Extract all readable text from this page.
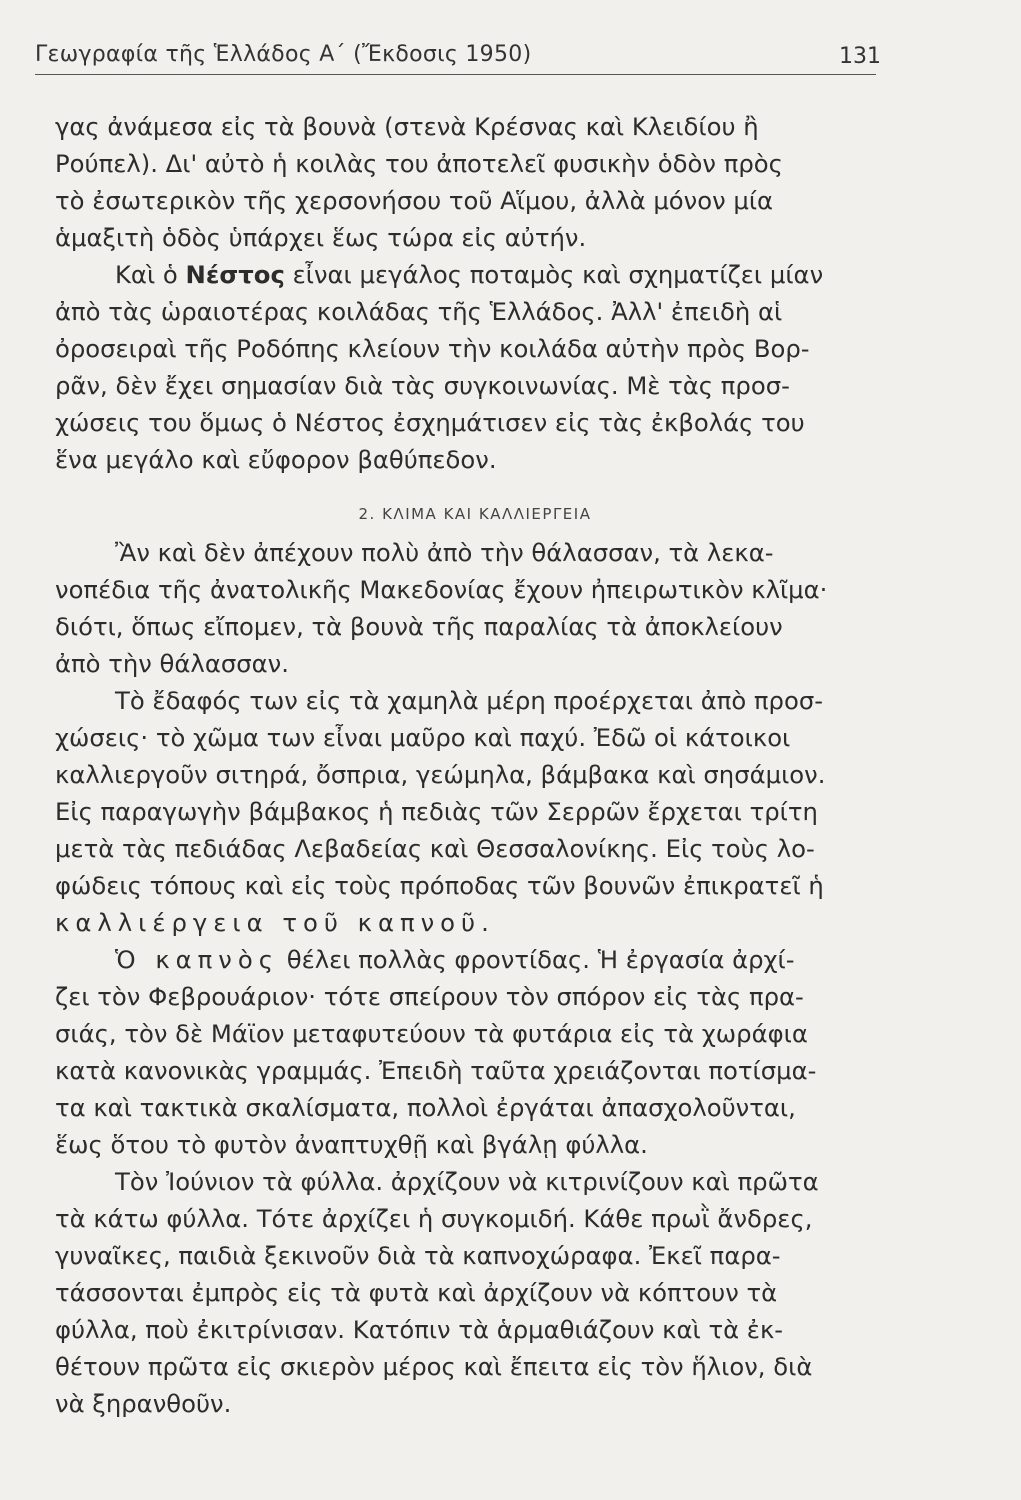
Γεωγραφία τῆς Ἑλλάδος Α΄ (Ἔκδοσις 1950)	131
γας ἀνάμεσα εἰς τὰ βουνὰ (στενὰ Κρέσνας καὶ Κλειδίου ἢ
Ρούπελ). Δι' αὐτὸ ἡ κοιλὰς του ἀποτελεῖ φυσικὴν ὁδὸν πρὸς
τὸ ἐσωτερικὸν τῆς χερσονήσου τοῦ Αἵμου, ἀλλὰ μόνον μία
ἁμαξιτὴ ὁδὸς ὑπάρχει ἕως τώρα εἰς αὐτήν.
Καὶ ὁ Νέστος εἶναι μεγάλος ποταμὸς καὶ σχηματίζει μίαν
ἀπὸ τὰς ὡραιοτέρας κοιλάδας τῆς Ἑλλάδος. Ἀλλ' ἐπειδὴ αἱ
ὀροσειραὶ τῆς Ροδόπης κλείουν τὴν κοιλάδα αὐτὴν πρὸς Βορ-
ρᾶν, δὲν ἔχει σημασίαν διὰ τὰς συγκοινωνίας. Μὲ τὰς προσ-
χώσεις του ὅμως ὁ Νέστος ἐσχημάτισεν εἰς τὰς ἐκβολάς του
ἕνα μεγάλο καὶ εὔφορον βαθύπεδον.
2. ΚΛΙΜΑ ΚΑΙ ΚΑΛΛΙΕΡΓΕΙΑ
Ἂν καὶ δὲν ἀπέχουν πολὺ ἀπὸ τὴν θάλασσαν, τὰ λεκα-
νοπέδια τῆς ἀνατολικῆς Μακεδονίας ἔχουν ἠπειρωτικὸν κλῖμα·
διότι, ὅπως εἴπομεν, τὰ βουνὰ τῆς παραλίας τὰ ἀποκλείουν
ἀπὸ τὴν θάλασσαν.
Τὸ ἔδαφός των εἰς τὰ χαμηλὰ μέρη προέρχεται ἀπὸ προσ-
χώσεις· τὸ χῶμα των εἶναι μαῦρο καὶ παχύ. Ἐδῶ οἱ κάτοικοι
καλλιεργοῦν σιτηρά, ὄσπρια, γεώμηλα, βάμβακα καὶ σησάμιον.
Εἰς παραγωγὴν βάμβακος ἡ πεδιὰς τῶν Σερρῶν ἔρχεται τρίτη
μετὰ τὰς πεδιάδας Λεβαδείας καὶ Θεσσαλονίκης. Εἰς τοὺς λο-
φώδεις τόπους καὶ εἰς τοὺς πρόποδας τῶν βουνῶν ἐπικρατεῖ ἡ
καλλιέργεια τοῦ καπνοῦ.
Ὁ καπνὸς θέλει πολλὰς φροντίδας. Ἡ ἐργασία ἀρχί-
ζει τὸν Φεβρουάριον· τότε σπείρουν τὸν σπόρον εἰς τὰς πρα-
σιάς, τὸν δὲ Μάϊον μεταφυτεύουν τὰ φυτάρια εἰς τὰ χωράφια
κατὰ κανονικὰς γραμμάς. Ἐπειδὴ ταῦτα χρειάζονται ποτίσμα-
τα καὶ τακτικὰ σκαλίσματα, πολλοὶ ἐργάται ἀπασχολοῦνται,
ἕως ὅτου τὸ φυτὸν ἀναπτυχθῇ καὶ βγάλῃ φύλλα.
Τὸν Ἰούνιον τὰ φύλλα. ἀρχίζουν νὰ κιτρινίζουν καὶ πρῶτα
τὰ κάτω φύλλα. Τότε ἀρχίζει ἡ συγκομιδή. Κάθε πρωῒ ἄνδρες,
γυναῖκες, παιδιὰ ξεκινοῦν διὰ τὰ καπνοχώραφα. Ἐκεῖ παρα-
τάσσονται ἐμπρὸς εἰς τὰ φυτὰ καὶ ἀρχίζουν νὰ κόπτουν τὰ
φύλλα, ποὺ ἐκιτρίνισαν. Κατόπιν τὰ ἁρμαθιάζουν καὶ τὰ ἐκ-
θέτουν πρῶτα εἰς σκιερὸν μέρος καὶ ἔπειτα εἰς τὸν ἥλιον, διὰ
νὰ ξηρανθοῦν.
